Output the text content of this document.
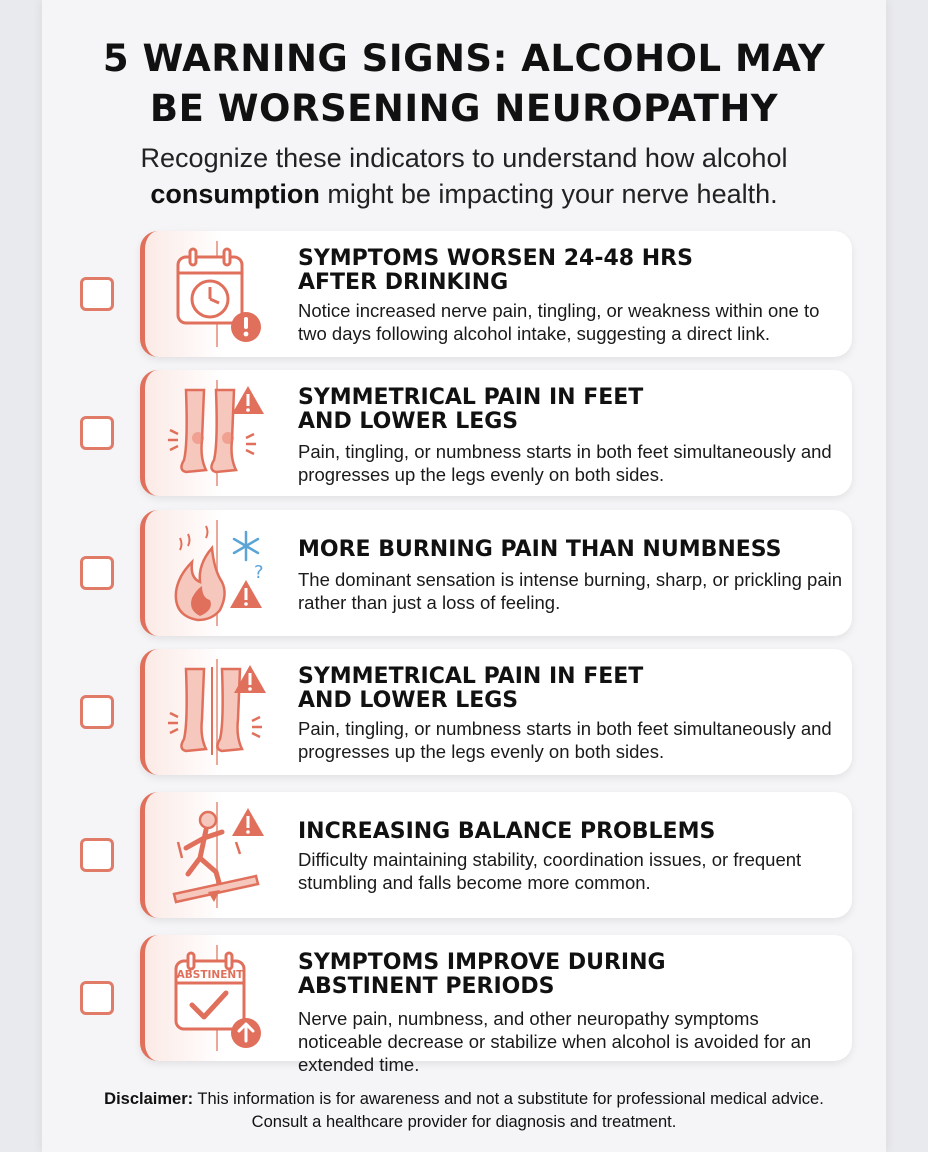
5 WARNING SIGNS: ALCOHOL MAY
BE WORSENING NEUROPATHY
Recognize these indicators to understand how alcohol
consumption might be impacting your nerve health.
SYMPTOMS WORSEN 24-48 HRS
AFTER DRINKING
Notice increased nerve pain, tingling, or weakness within one to two days following alcohol intake, suggesting a direct link.
SYMMETRICAL PAIN IN FEET
AND LOWER LEGS
Pain, tingling, or numbness starts in both feet simultaneously and progresses up the legs evenly on both sides.
?
MORE BURNING PAIN THAN NUMBNESS
The dominant sensation is intense burning, sharp, or prickling pain rather than just a loss of feeling.
SYMMETRICAL PAIN IN FEET
AND LOWER LEGS
Pain, tingling, or numbness starts in both feet simultaneously and progresses up the legs evenly on both sides.
INCREASING BALANCE PROBLEMS
Difficulty maintaining stability, coordination issues, or frequent stumbling and falls become more common.
ABSTINENT SYMPTOMS IMPROVE DURING
ABSTINENT PERIODS
Nerve pain, numbness, and other neuropathy symptoms noticeable decrease or stabilize when alcohol is avoided for an extended time.
Disclaimer: This information is for awareness and not a substitute for professional medical advice.
Consult a healthcare provider for diagnosis and treatment.
